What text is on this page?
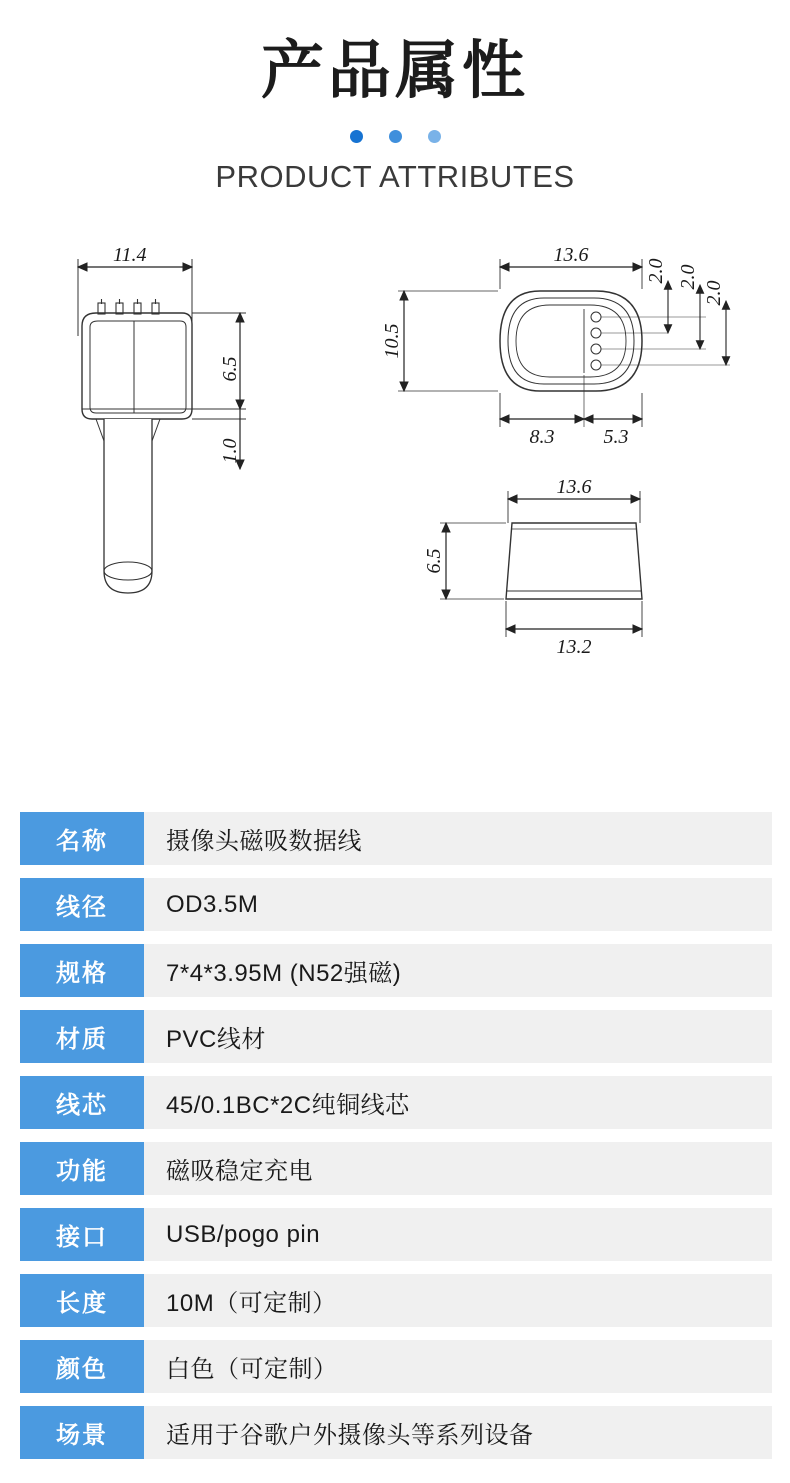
产品属性
PRODUCT ATTRIBUTES
11.4
6.5
1.0
13.6
10.5
8.3 5.3
2.0 2.0
2.0
13.6
6.5
13.2
名称	摄像头磁吸数据线
线径	OD3.5M
规格	7*4*3.95M (N52强磁)
材质	PVC线材
线芯	45/0.1BC*2C纯铜线芯
功能	磁吸稳定充电
接口	USB/pogo pin
长度	10M（可定制）
颜色	白色（可定制）
场景	适用于谷歌户外摄像头等系列设备
